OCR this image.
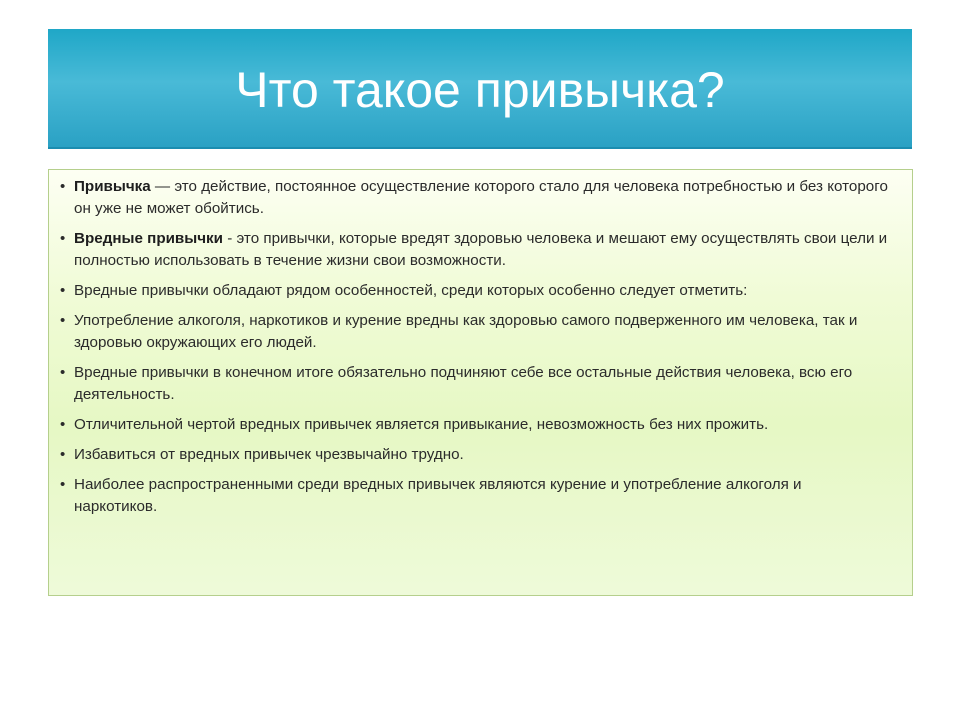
Что такое привычка?
• Привычка — это действие, постоянное осуществление которого стало для человека потребностью и без которого он уже не может обойтись.
• Вредные привычки - это привычки, которые вредят здоровью человека и мешают ему осуществлять свои цели и полностью использовать в течение жизни свои возможности.
• Вредные привычки обладают рядом особенностей, среди которых особенно следует отметить:
• Употребление алкоголя, наркотиков и курение вредны как здоровью самого подверженного им человека, так и здоровью окружающих его людей.
• Вредные привычки в конечном итоге обязательно подчиняют себе все остальные действия человека, всю его деятельность.
• Отличительной чертой вредных привычек является привыкание, невозможность без них прожить.
• Избавиться от вредных привычек чрезвычайно трудно.
• Наиболее распространенными среди вредных привычек являются курение и употребление алкоголя и наркотиков.
